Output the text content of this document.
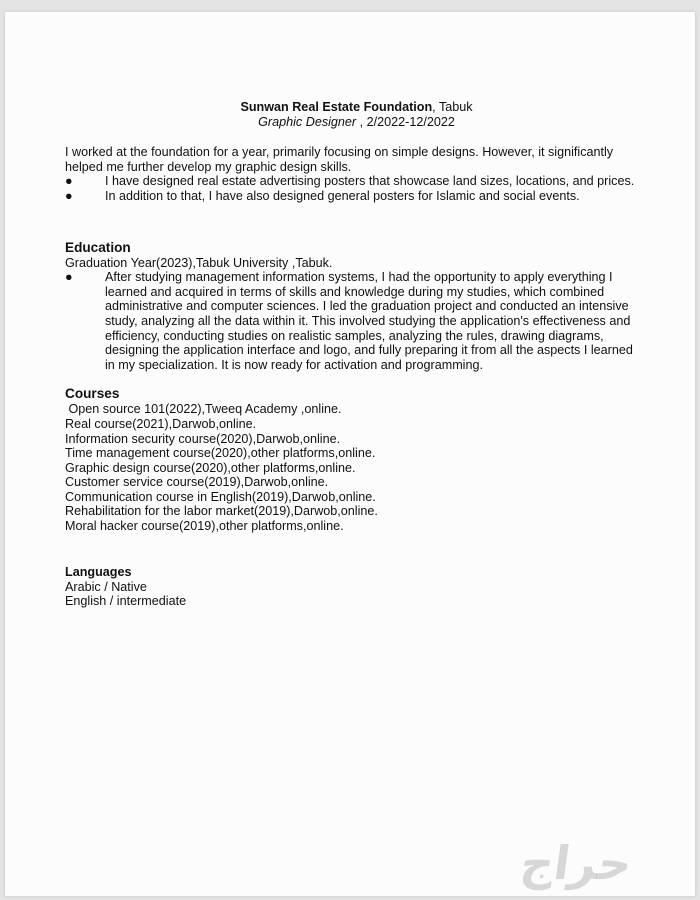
Sunwan Real Estate Foundation, Tabuk
Graphic Designer , 2/2022-12/2022

I worked at the foundation for a year, primarily focusing on simple designs. However, it significantly helped me further develop my graphic design skills.

●	I have designed real estate advertising posters that showcase land sizes, locations, and prices.
●	In addition to that, I have also designed general posters for Islamic and social events.
Education

Graduation Year(2023),Tabuk University ,Tabuk.

●	After studying management information systems, I had the opportunity to apply everything I learned and acquired in terms of skills and knowledge during my studies, which combined administrative and computer sciences. I led the graduation project and conducted an intensive study, analyzing all the data within it. This involved studying the application's effectiveness and efficiency, conducting studies on realistic samples, analyzing the rules, drawing diagrams, designing the application interface and logo, and fully preparing it from all the aspects I learned in my specialization. It is now ready for activation and programming.
Courses

Open source 101(2022),Tweeq Academy ,online.

Real course(2021),Darwob,online.

Information security course(2020),Darwob,online.

Time management course(2020),other platforms,online.

Graphic design course(2020),other platforms,online.

Customer service course(2019),Darwob,online.

Communication course in English(2019),Darwob,online.

Rehabilitation for the labor market(2019),Darwob,online.

Moral hacker course(2019),other platforms,online.

Languages

Arabic / Native

English / intermediate

حراج
